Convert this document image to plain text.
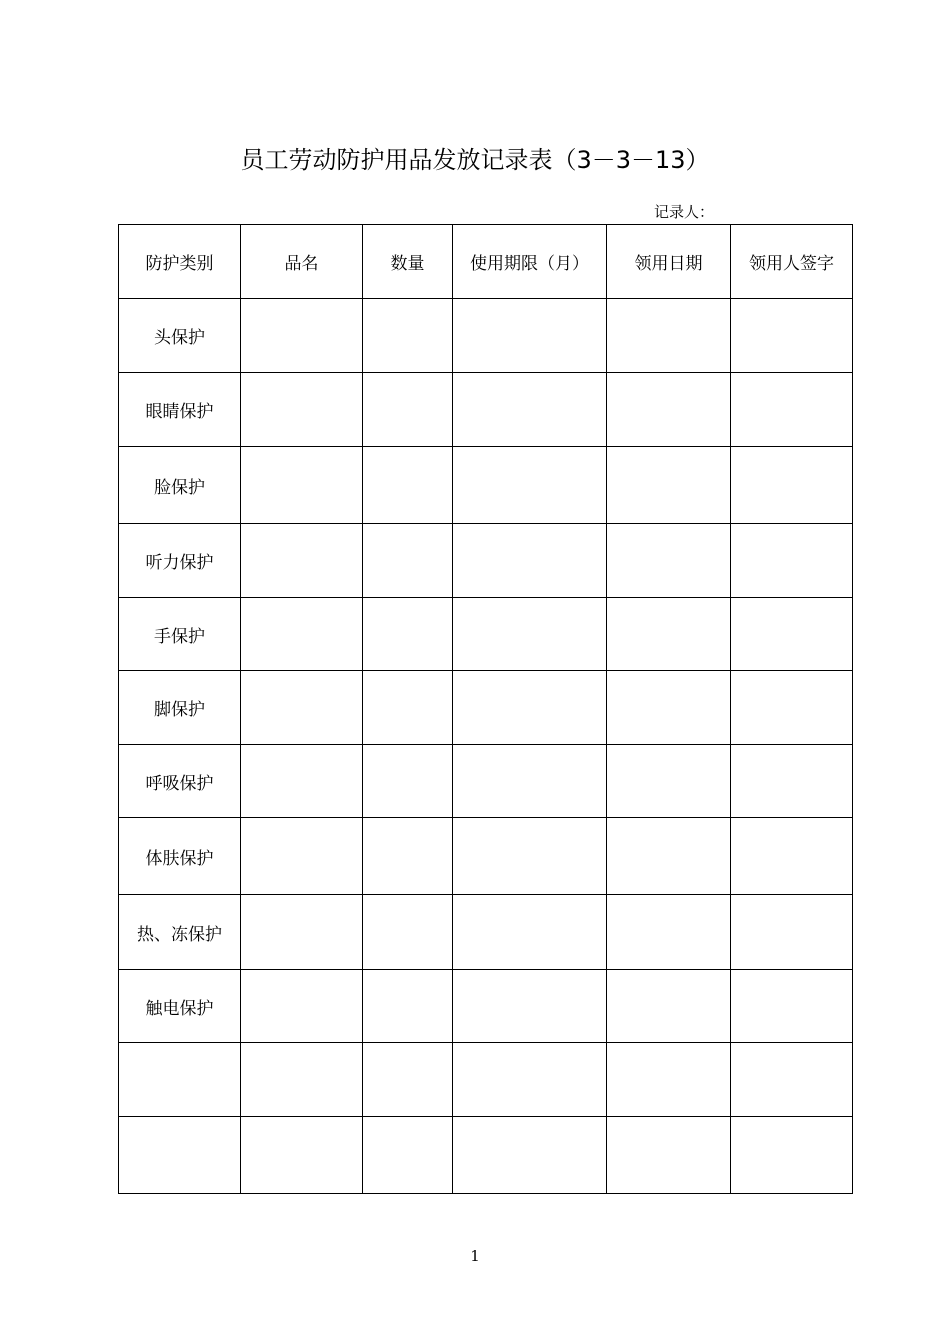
员工劳动防护用品发放记录表（3－3－13）
记录人：
防护类别	品名	数量	使用期限（月）	领用日期	领用人签字
头保护					
眼睛保护					
脸保护					
听力保护					
手保护					
脚保护					
呼吸保护					
体肤保护					
热、冻保护					
触电保护					

1
